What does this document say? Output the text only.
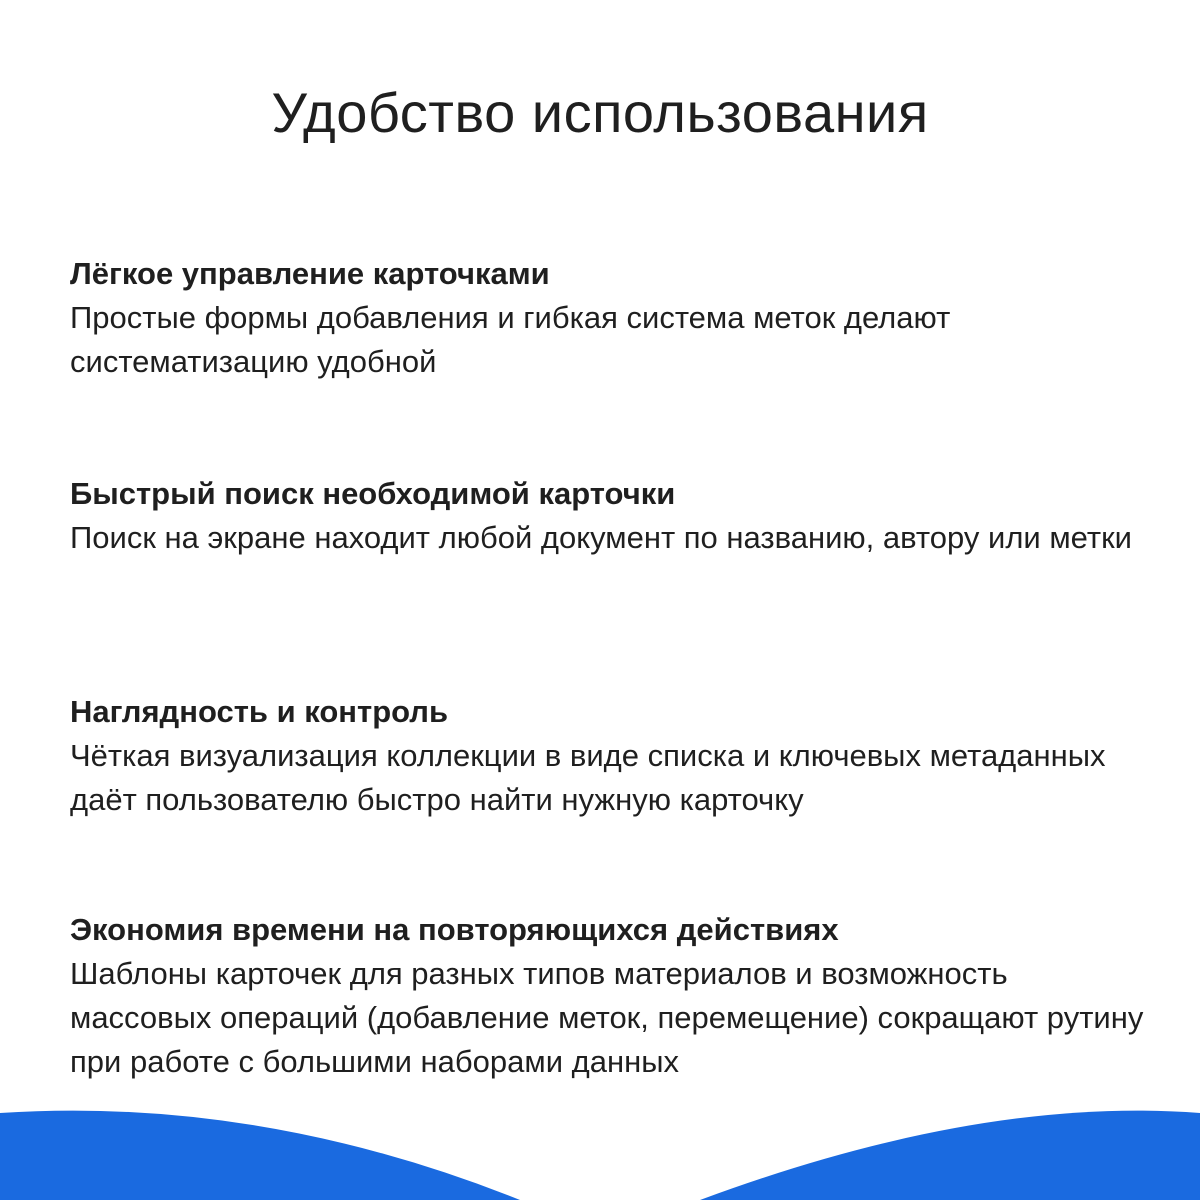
Удобство использования

Лёгкое управление карточками

Простые формы добавления и гибкая система меток делают систематизацию удобной

Быстрый поиск необходимой карточки

Поиск на экране находит любой документ по названию, автору или метки

Наглядность и контроль

Чёткая визуализация коллекции в виде списка и ключевых метаданных даёт пользователю быстро найти нужную карточку

Экономия времени на повторяющихся действиях

Шаблоны карточек для разных типов материалов и возможность массовых операций (добавление меток, перемещение) сокращают рутину при работе с большими наборами данных
